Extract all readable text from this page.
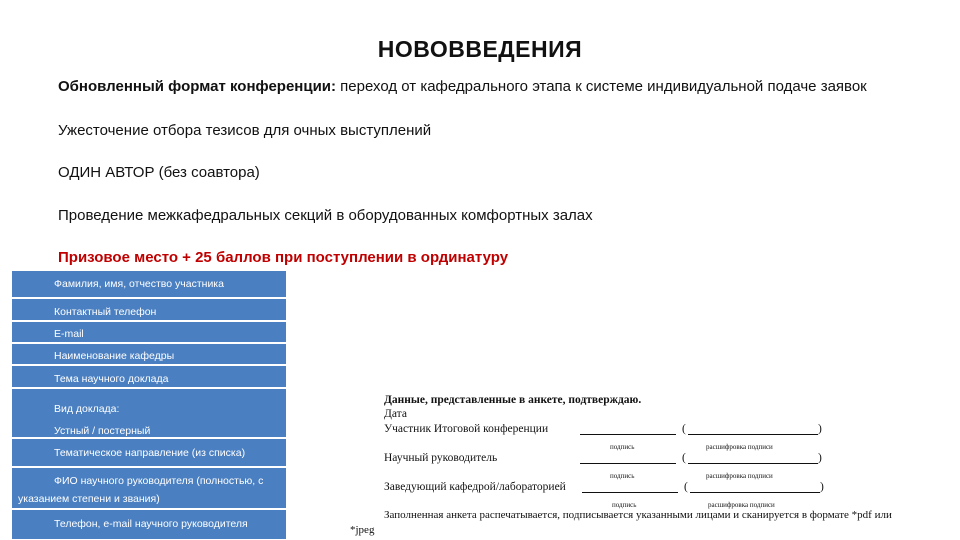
НОВОВВЕДЕНИЯ
Обновленный формат конференции: переход от кафедрального этапа к системе индивидуальной подаче заявок
Ужесточение отбора тезисов для очных выступлений
ОДИН АВТОР (без соавтора)
Проведение межкафедральных секций в оборудованных комфортных залах
Призовое место + 25 баллов при поступлении в ординатуру
Фамилия, имя, отчество участника
Контактный телефон
E-mail
Наименование кафедры
Тема научного доклада
Вид доклада:
Устный / постерный
Тематическое направление (из списка)
ФИО научного руководителя (полностью, с
указанием степени и звания)
Телефон, e-mail научного руководителя
Данные, представленные в анкете, подтверждаю.
Дата
Участник Итоговой конференции	(	)
подпись	расшифровка подписи
Научный руководитель	(	)
подпись	расшифровка подписи
Заведующий кафедрой/лабораторией	(	)
подпись	расшифровка подписи
Заполненная анкета распечатывается, подписывается указанными лицами и сканируется в формате *pdf или
*jpeg
